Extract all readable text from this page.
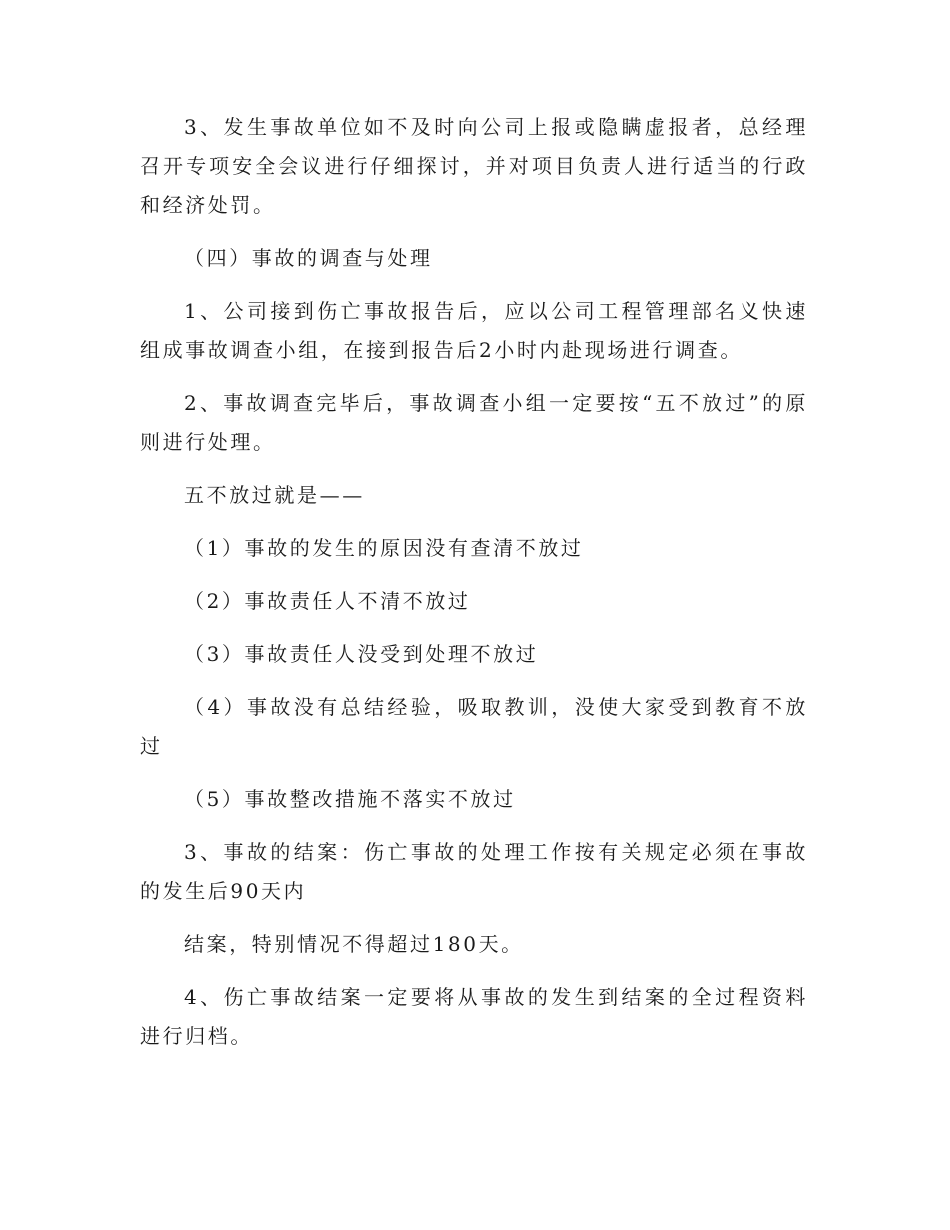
3、发生事故单位如不及时向公司上报或隐瞒虚报者，总经理召开专项安全会议进行仔细探讨，并对项目负责人进行适当的行政和经济处罚。

（四）事故的调查与处理

1、公司接到伤亡事故报告后，应以公司工程管理部名义快速组成事故调查小组，在接到报告后2小时内赴现场进行调查。

2、事故调查完毕后，事故调查小组一定要按“五不放过”的原则进行处理。

五不放过就是——

（1）事故的发生的原因没有查清不放过

（2）事故责任人不清不放过

（3）事故责任人没受到处理不放过

（4）事故没有总结经验，吸取教训，没使大家受到教育不放过

（5）事故整改措施不落实不放过

3、事故的结案：伤亡事故的处理工作按有关规定必须在事故的发生后90天内

结案，特别情况不得超过180天。

4、伤亡事故结案一定要将从事故的发生到结案的全过程资料进行归档。
